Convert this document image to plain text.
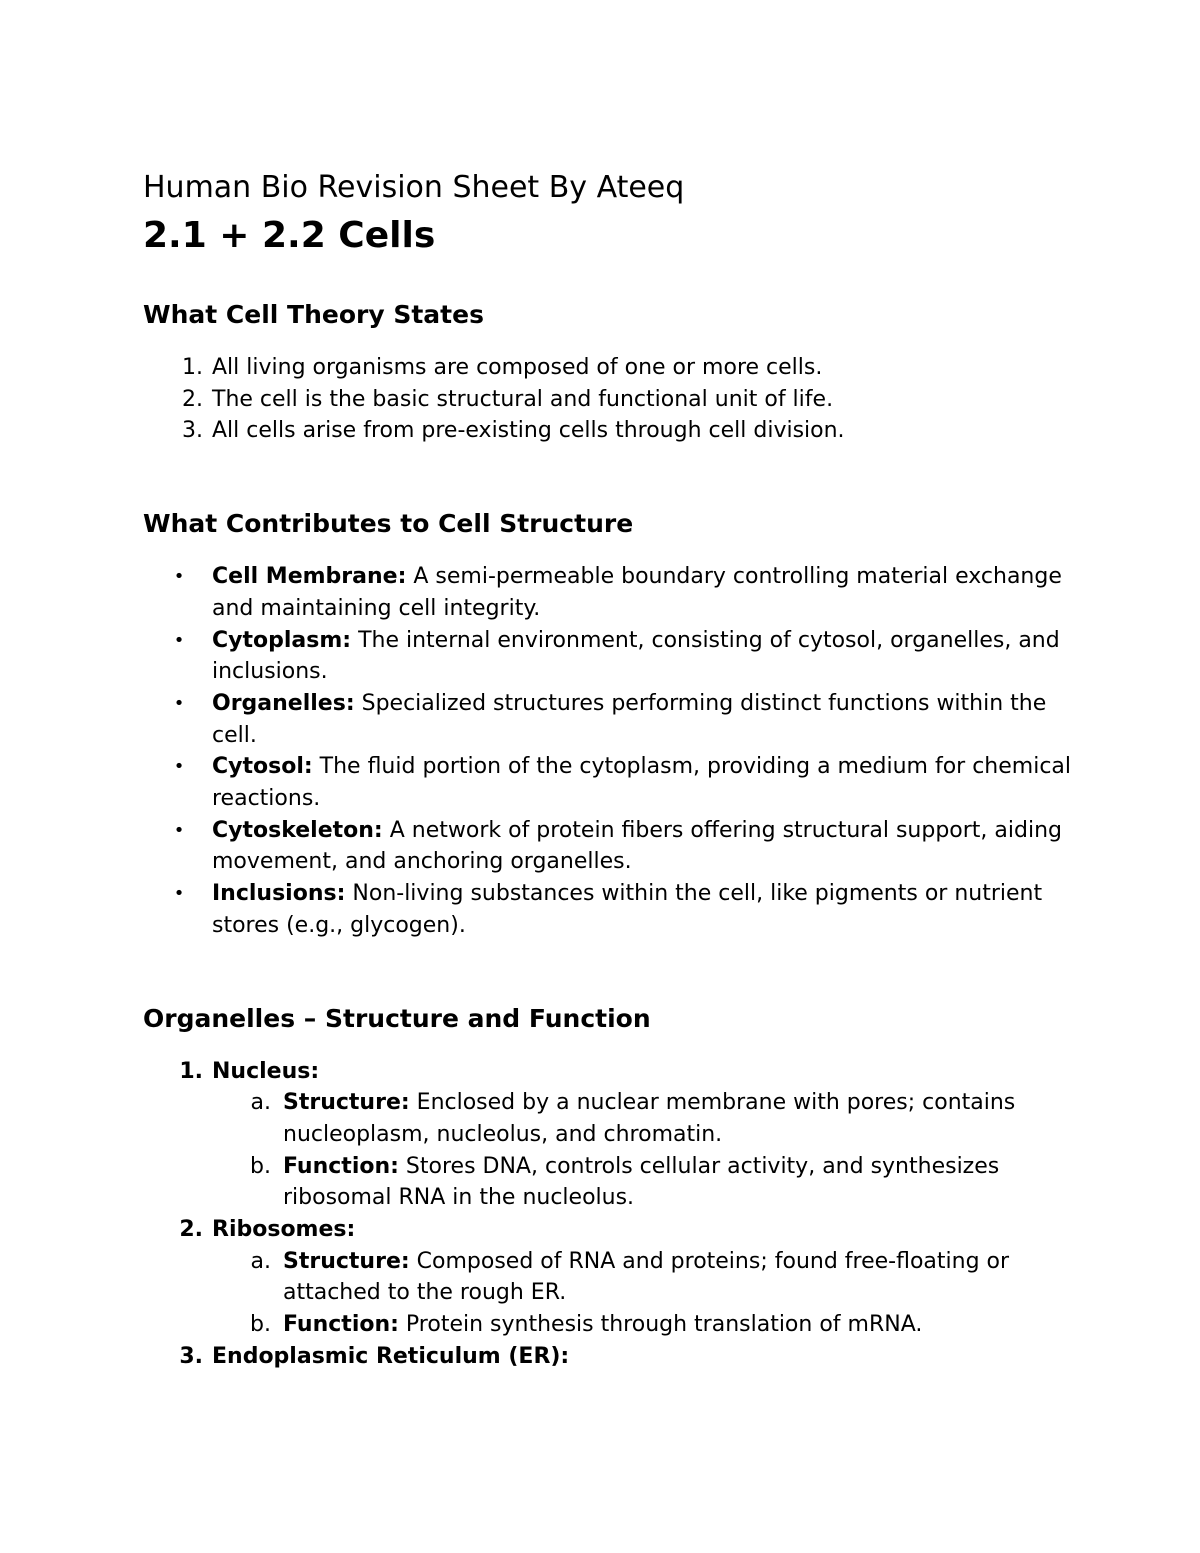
Human Bio Revision Sheet By Ateeq
2.1 + 2.2 Cells
What Cell Theory States
1. All living organisms are composed of one or more cells.
2. The cell is the basic structural and functional unit of life.
3. All cells arise from pre-existing cells through cell division.
What Contributes to Cell Structure
• Cell Membrane: A semi-permeable boundary controlling material exchange and maintaining cell integrity.
• Cytoplasm: The internal environment, consisting of cytosol, organelles, and inclusions.
• Organelles: Specialized structures performing distinct functions within the cell.
• Cytosol: The fluid portion of the cytoplasm, providing a medium for chemical reactions.
• Cytoskeleton: A network of protein fibers offering structural support, aiding movement, and anchoring organelles.
• Inclusions: Non-living substances within the cell, like pigments or nutrient stores (e.g., glycogen).
Organelles – Structure and Function
1. Nucleus:
a. Structure: Enclosed by a nuclear membrane with pores; contains nucleoplasm, nucleolus, and chromatin.
b. Function: Stores DNA, controls cellular activity, and synthesizes ribosomal RNA in the nucleolus.
2. Ribosomes:
a. Structure: Composed of RNA and proteins; found free-floating or attached to the rough ER.
b. Function: Protein synthesis through translation of mRNA.
3. Endoplasmic Reticulum (ER):
